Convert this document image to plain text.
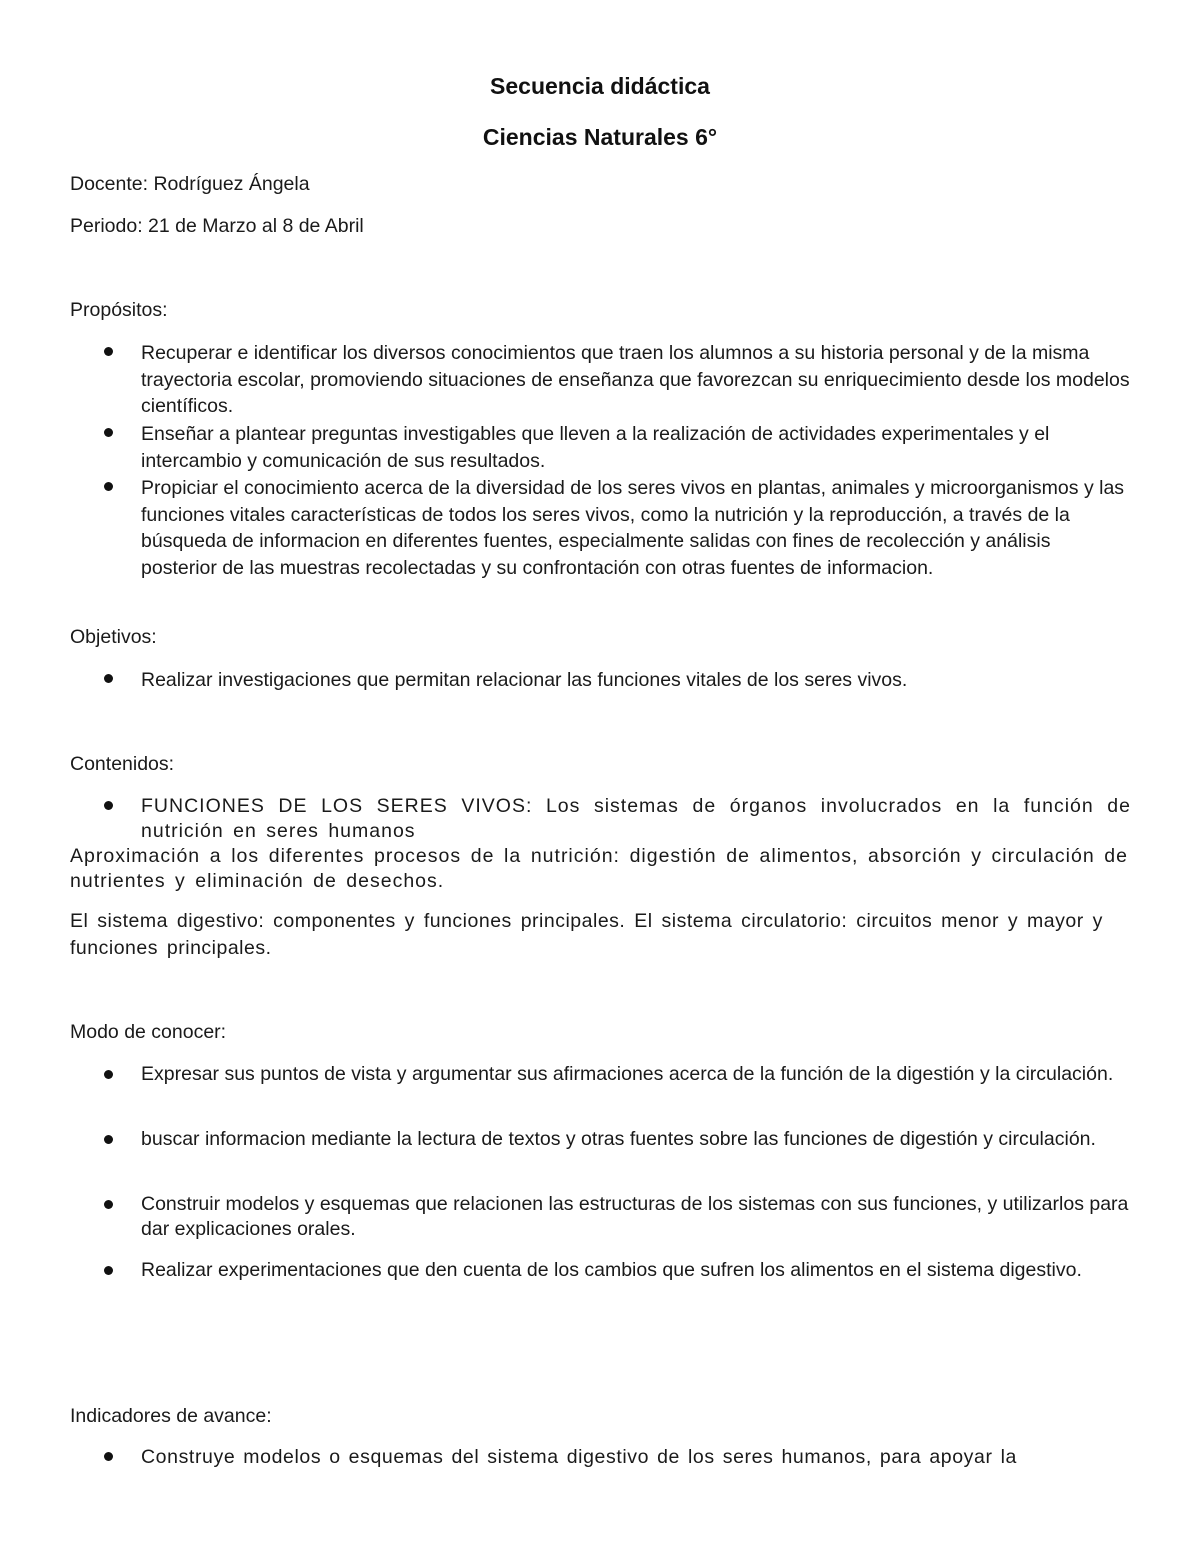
Secuencia didáctica
Ciencias Naturales 6°
Docente: Rodríguez Ángela
Periodo: 21 de Marzo al 8 de Abril
Propósitos:
Recuperar e identificar los diversos conocimientos que traen los alumnos a su historia personal y de la misma trayectoria escolar, promoviendo situaciones de enseñanza que favorezcan su enriquecimiento desde los modelos científicos.
Enseñar a plantear preguntas investigables que lleven a la realización de actividades experimentales y el intercambio y comunicación de sus resultados.
Propiciar el conocimiento acerca de la diversidad de los seres vivos en plantas, animales y microorganismos y las funciones vitales características de todos los seres vivos, como la nutrición y la reproducción, a través de la búsqueda de informacion en diferentes fuentes, especialmente salidas con fines de recolección y análisis posterior de las muestras recolectadas y su confrontación con otras fuentes de informacion.
Objetivos:
Realizar investigaciones que permitan relacionar las funciones vitales de los seres vivos.
Contenidos:
FUNCIONES DE LOS SERES VIVOS: Los sistemas de órganos involucrados en la función de nutrición en seres humanos
Aproximación a los diferentes procesos de la nutrición: digestión de alimentos, absorción y circulación de nutrientes y eliminación de desechos.
El sistema digestivo: componentes y funciones principales. El sistema circulatorio: circuitos menor y mayor y funciones principales.
Modo de conocer:
Expresar sus puntos de vista y argumentar sus afirmaciones acerca de la función de la digestión y la circulación.
buscar informacion mediante la lectura de textos y otras fuentes sobre las funciones de digestión y circulación.
Construir modelos y esquemas que relacionen las estructuras de los sistemas con sus funciones, y utilizarlos para dar explicaciones orales.
Realizar experimentaciones que den cuenta de los cambios que sufren los alimentos en el sistema digestivo.
Indicadores de avance:
Construye modelos o esquemas del sistema digestivo de los seres humanos, para apoyar la
